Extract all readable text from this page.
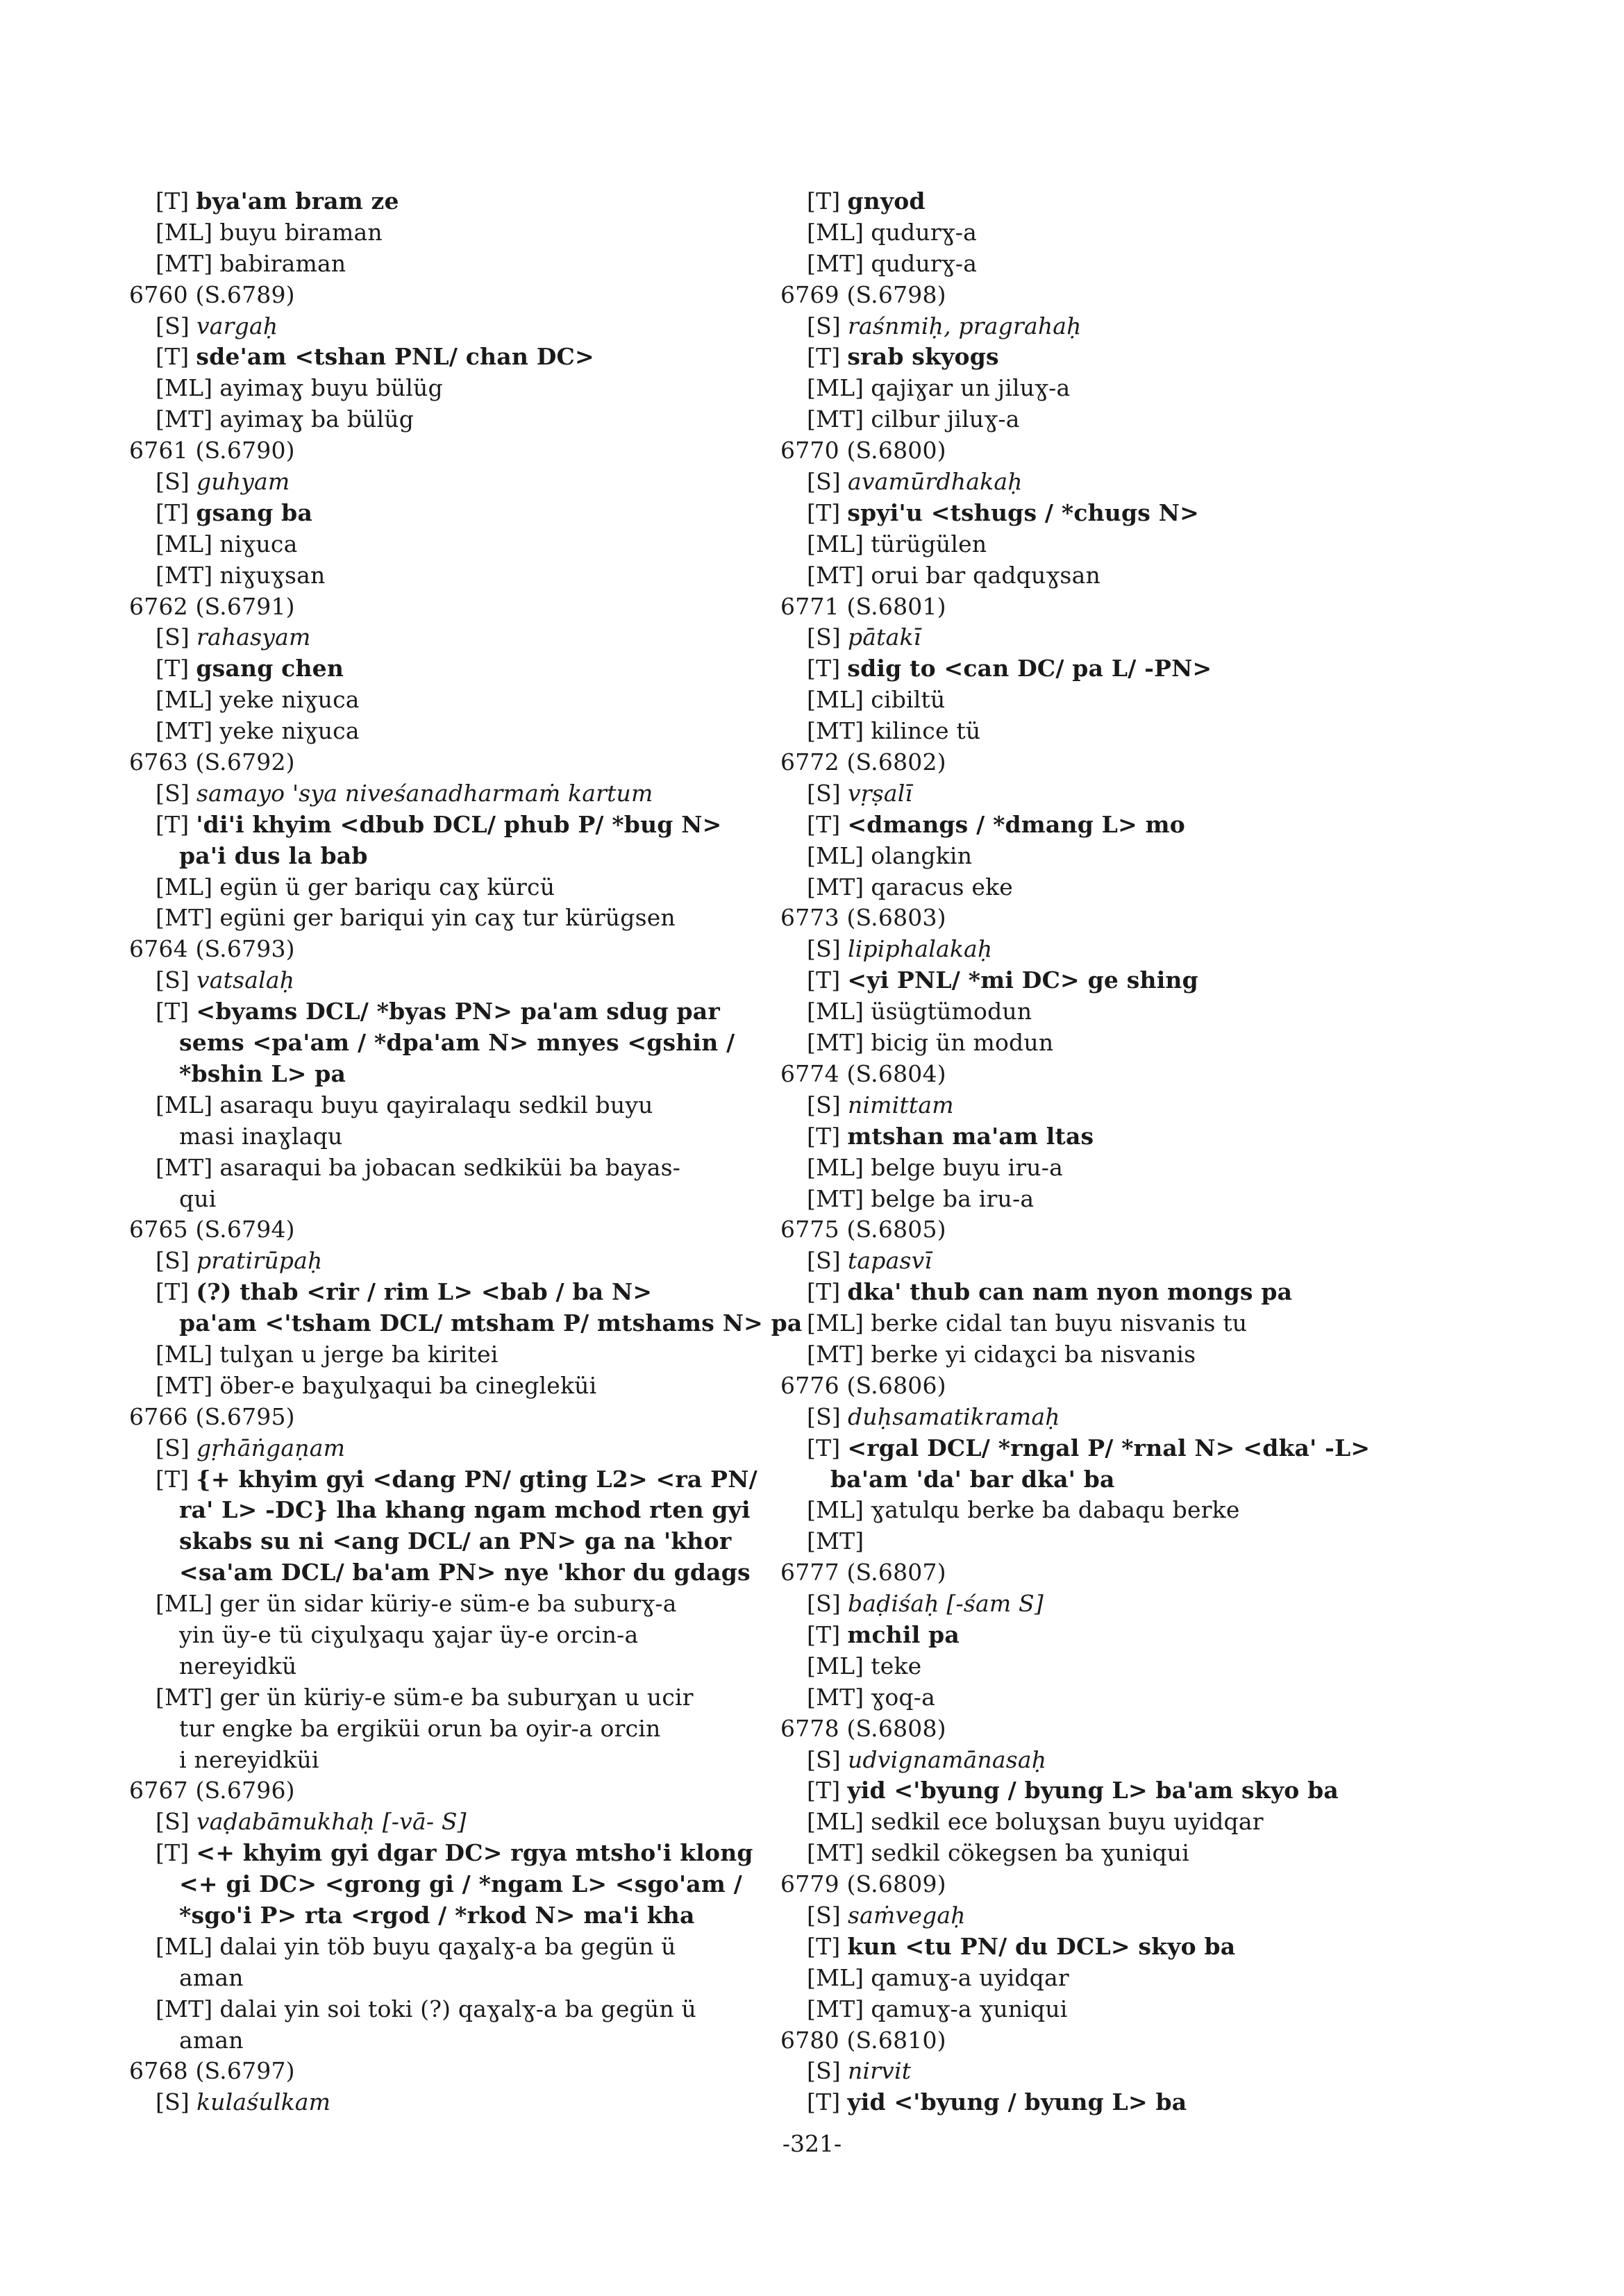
[T] bya'am bram ze
[ML] buyu biraman
[MT] babiraman
6760 (S.6789)
[S] vargaḥ
[T] sde'am <tshan PNL/ chan DC>
[ML] ayimaɣ buyu bülüg
[MT] ayimaɣ ba bülüg
6761 (S.6790)
[S] guhyam
[T] gsang ba
[ML] niɣuca
[MT] niɣuɣsan
6762 (S.6791)
[S] rahasyam
[T] gsang chen
[ML] yeke niɣuca
[MT] yeke niɣuca
6763 (S.6792)
[S] samayo 'sya niveśanadharmaṁ kartum
[T] 'di'i khyim <dbub DCL/ phub P/ *bug N>
pa'i dus la bab
[ML] egün ü ger bariqu caɣ kürcü
[MT] egüni ger bariqui yin caɣ tur kürügsen
6764 (S.6793)
[S] vatsalaḥ
[T] <byams DCL/ *byas PN> pa'am sdug par
sems <pa'am / *dpa'am N> mnyes <gshin /
*bshin L> pa
[ML] asaraqu buyu qayiralaqu sedkil buyu
masi inaɣlaqu
[MT] asaraqui ba jobacan sedkiküi ba bayas-
qui
6765 (S.6794)
[S] pratirūpaḥ
[T] (?) thab <rir / rim L> <bab / ba N>
pa'am <'tsham DCL/ mtsham P/ mtshams N> pa
[ML] tulɣan u jerge ba kiritei
[MT] öber-e baɣulɣaqui ba cinegleküi
6766 (S.6795)
[S] gṛhāṅgaṇam
[T] {+ khyim gyi <dang PN/ gting L2> <ra PN/
ra' L> -DC} lha khang ngam mchod rten gyi
skabs su ni <ang DCL/ an PN> ga na 'khor
<sa'am DCL/ ba'am PN> nye 'khor du gdags
[ML] ger ün sidar küriy-e süm-e ba suburɣ-a
yin üy-e tü ciɣulɣaqu ɣajar üy-e orcin-a
nereyidkü
[MT] ger ün küriy-e süm-e ba suburɣan u ucir
tur engke ba ergiküi orun ba oyir-a orcin
i nereyidküi
6767 (S.6796)
[S] vaḍabāmukhaḥ [-vā- S]
[T] <+ khyim gyi dgar DC> rgya mtsho'i klong
<+ gi DC> <grong gi / *ngam L> <sgo'am /
*sgo'i P> rta <rgod / *rkod N> ma'i kha
[ML] dalai yin töb buyu qaɣalɣ-a ba gegün ü
aman
[MT] dalai yin soi toki (?) qaɣalɣ-a ba gegün ü
aman
6768 (S.6797)
[S] kulaśulkam
[T] gnyod
[ML] qudurɣ-a
[MT] qudurɣ-a
6769 (S.6798)
[S] raśnmiḥ, pragrahaḥ
[T] srab skyogs
[ML] qajiɣar un jiluɣ-a
[MT] cilbur jiluɣ-a
6770 (S.6800)
[S] avamūrdhakaḥ
[T] spyi'u <tshugs / *chugs N>
[ML] türügülen
[MT] orui bar qadquɣsan
6771 (S.6801)
[S] pātakī
[T] sdig to <can DC/ pa L/ -PN>
[ML] cibiltü
[MT] kilince tü
6772 (S.6802)
[S] vṛṣalī
[T] <dmangs / *dmang L> mo
[ML] olangkin
[MT] qaracus eke
6773 (S.6803)
[S] lipiphalakaḥ
[T] <yi PNL/ *mi DC> ge shing
[ML] üsügtümodun
[MT] bicig ün modun
6774 (S.6804)
[S] nimittam
[T] mtshan ma'am ltas
[ML] belge buyu iru-a
[MT] belge ba iru-a
6775 (S.6805)
[S] tapasvī
[T] dka' thub can nam nyon mongs pa
[ML] berke cidal tan buyu nisvanis tu
[MT] berke yi cidaɣci ba nisvanis
6776 (S.6806)
[S] duḥsamatikramaḥ
[T] <rgal DCL/ *rngal P/ *rnal N> <dka' -L>
ba'am 'da' bar dka' ba
[ML] ɣatulqu berke ba dabaqu berke
[MT]
6777 (S.6807)
[S] baḍiśaḥ [-śam S]
[T] mchil pa
[ML] teke
[MT] ɣoq-a
6778 (S.6808)
[S] udvignamānasaḥ
[T] yid <'byung / byung L> ba'am skyo ba
[ML] sedkil ece boluɣsan buyu uyidqar
[MT] sedkil cökegsen ba ɣuniqui
6779 (S.6809)
[S] saṁvegaḥ
[T] kun <tu PN/ du DCL> skyo ba
[ML] qamuɣ-a uyidqar
[MT] qamuɣ-a ɣuniqui
6780 (S.6810)
[S] nirvit
[T] yid <'byung / byung L> ba
-321-
